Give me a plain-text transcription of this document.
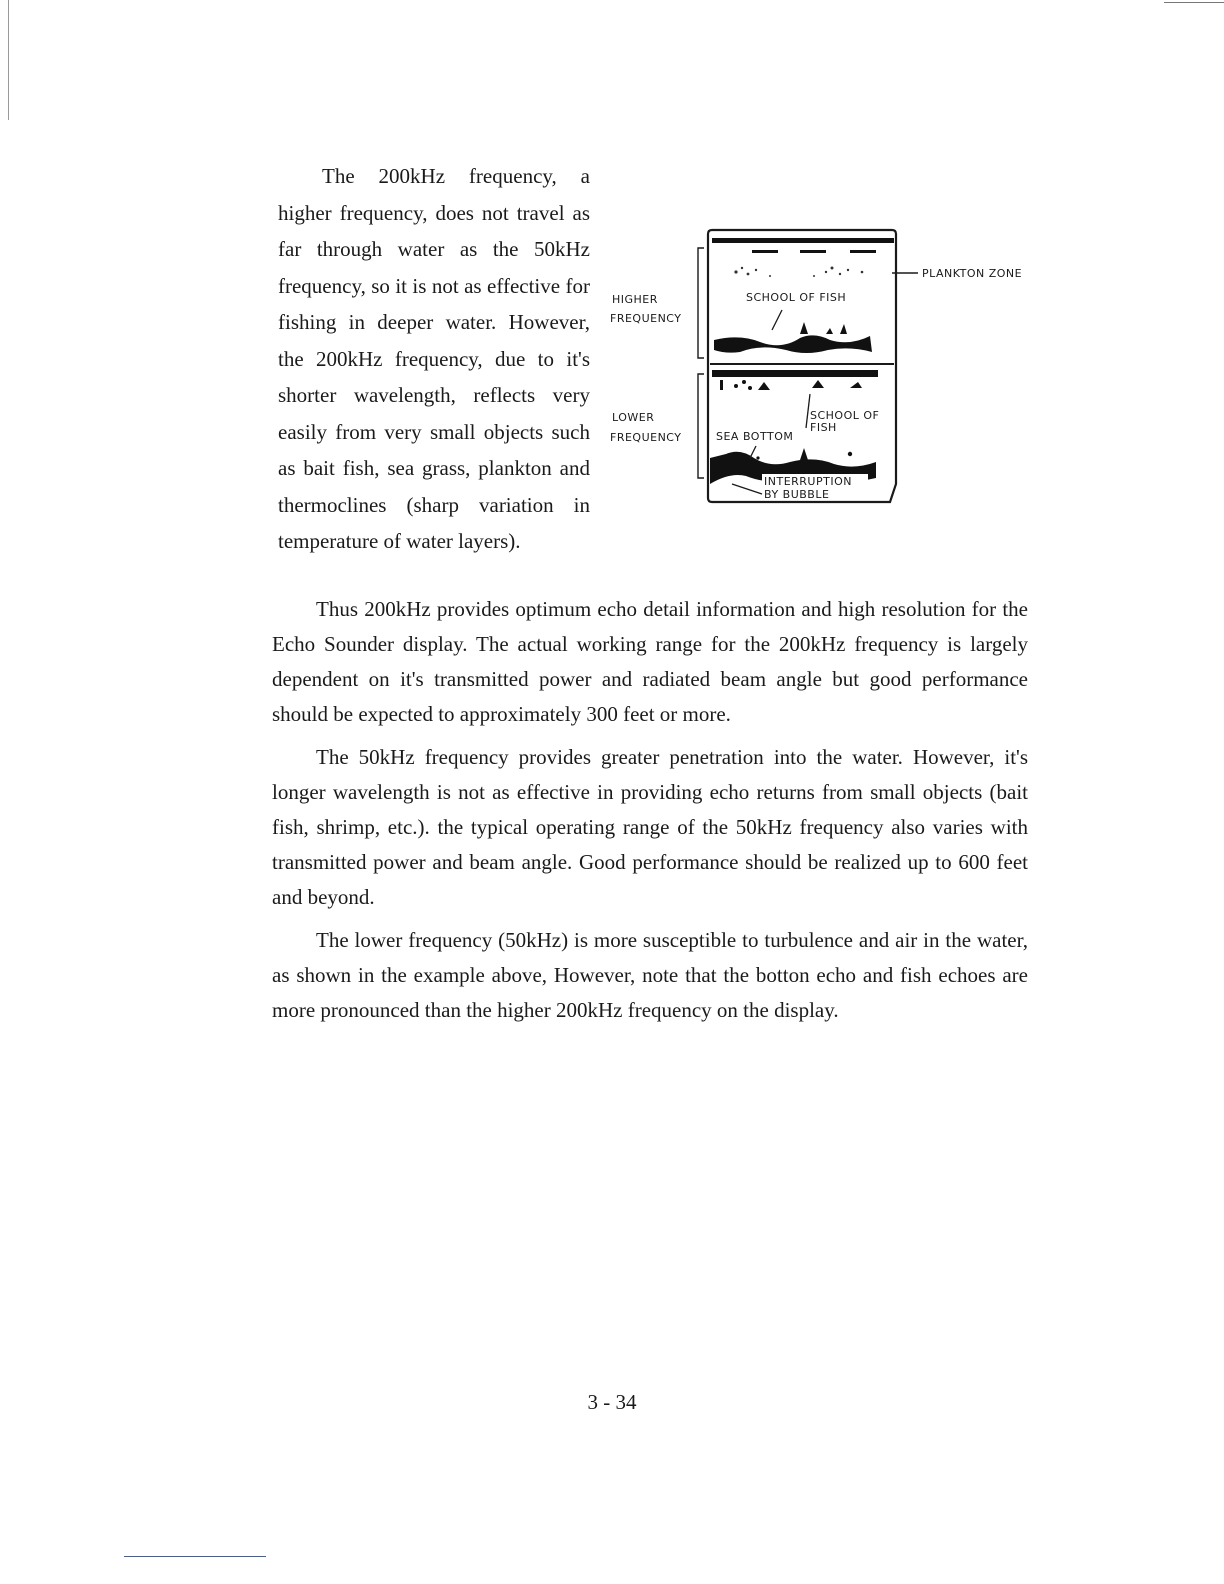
The 200kHz frequency, a higher frequency, does not travel as far through water as the 50kHz frequency, so it is not as effective for fishing in deeper water. However, the 200kHz frequency, due to it's shorter wavelength, reflects very easily from very small objects such as bait fish, sea grass, plankton and thermoclines (sharp variation in temperature of water layers).

PLANKTON ZONE
SCHOOL OF FISH
HIGHER
FREQUENCY
SCHOOL OF
FISH
SEA BOTTOM
INTERRUPTION
BY BUBBLE
LOWER
FREQUENCY

Thus 200kHz provides optimum echo detail information and high resolution for the Echo Sounder display. The actual working range for the 200kHz frequency is largely dependent on it's transmitted power and radiated beam angle but good performance should be expected to approximately 300 feet or more.

The 50kHz frequency provides greater penetration into the water. However, it's longer wavelength is not as effective in providing echo returns from small objects (bait fish, shrimp, etc.). the typical operating range of the 50kHz frequency also varies with transmitted power and beam angle. Good performance should be realized up to 600 feet and beyond.

The lower frequency (50kHz) is more susceptible to turbulence and air in the water, as shown in the example above, However, note that the botton echo and fish echoes are more pronounced than the higher 200kHz frequency on the display.

3 - 34
